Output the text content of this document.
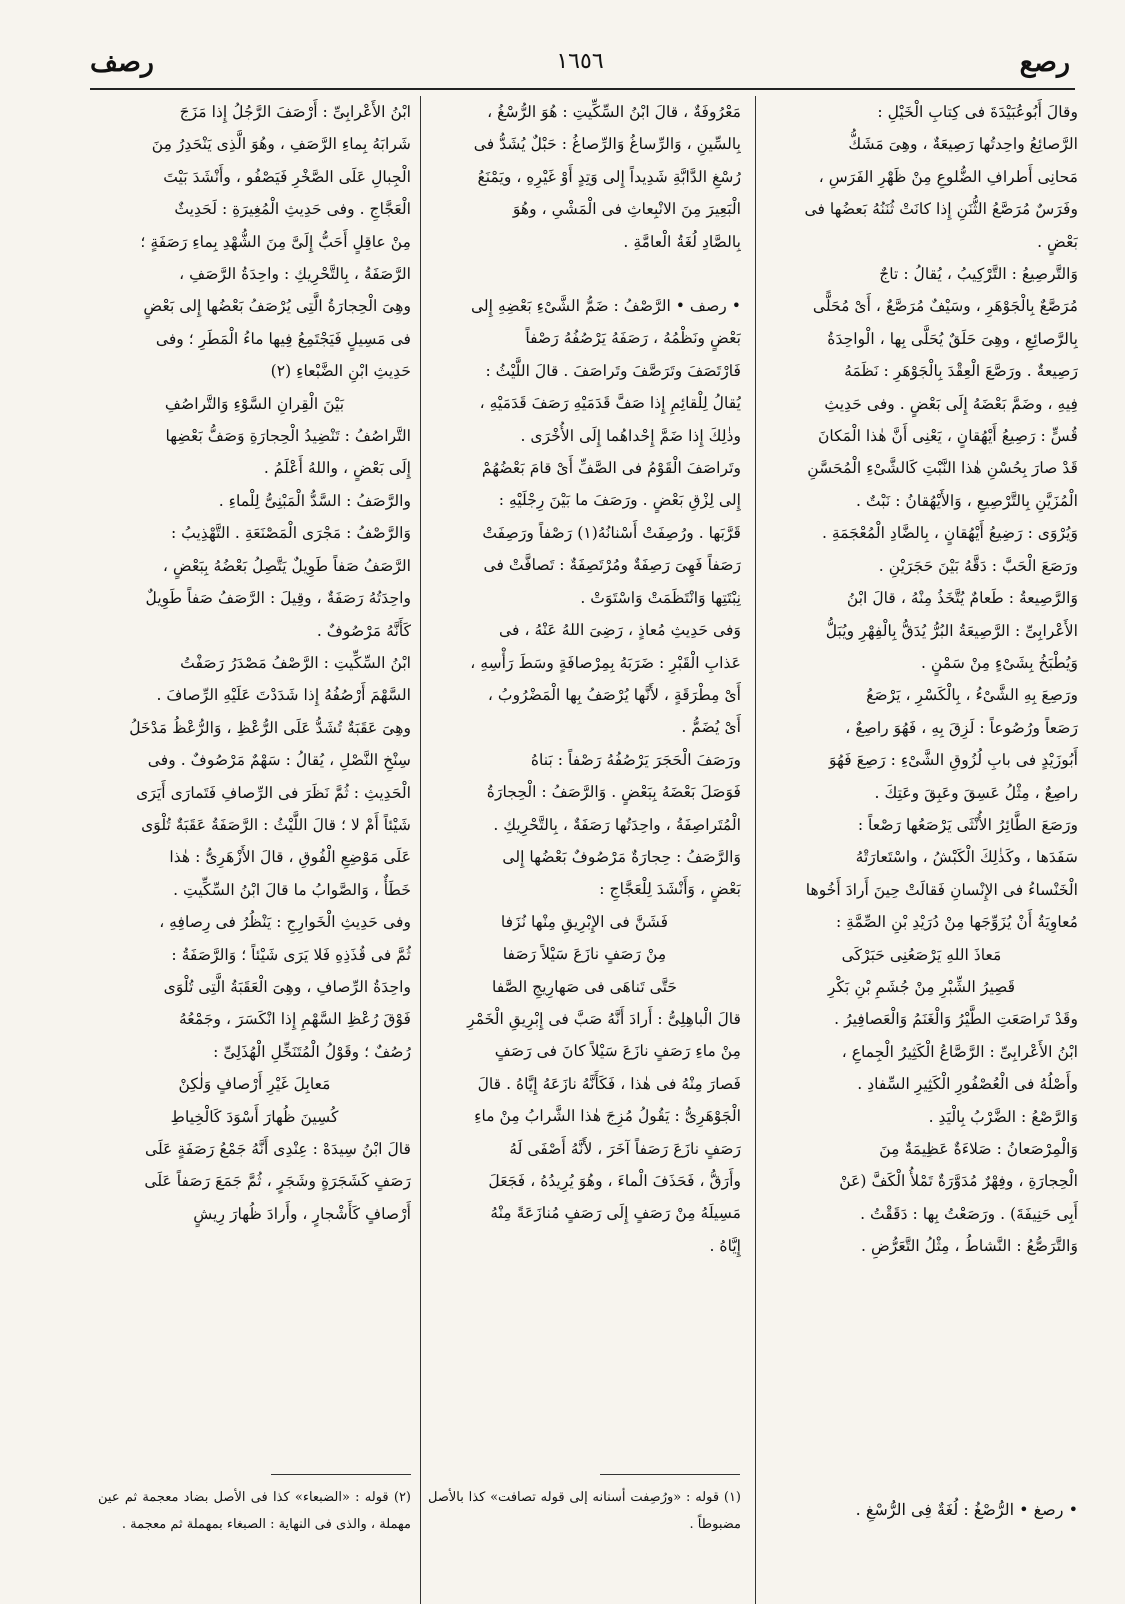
رصع
١٦٥٦
رصف

وقالَ أَبُوعُبَيْدَةَ فى كِتابِ الْخَيْلِ :

الرَّصائِعُ واحِدتُها رَصِيعَةٌ ، وهِىَ مَشَكُّ

مَحانِى أَطرافِ الضُّلوعِ مِنْ ظَهْرِ الفَرَسِ ،

وفَرَسٌ مُرَصَّعُ الثُّنَنِ إِذا كانَتْ ثُنَنُهُ بَعضُها فى

بَعْضٍ .

وَالتَّرصِيعُ : التَّرْكِيبُ ، يُقالُ : تاجٌ

مُرَصَّعٌ بِالْجَوْهَرِ ، وسَيْفٌ مُرَصَّعٌ ، أَىْ مُحَلًّى

بِالرَّصائِعِ ، وهِىَ حَلَقٌ يُحَلَّى بِها ، الْواحِدَةُ

رَصِيعةٌ . ورَصَّعَ الْعِقْدَ بِالْجَوْهَرِ : نَظَمَهُ

فِيهِ ، وضَمَّ بَعْضَهُ إِلَى بَعْضٍ . وفى حَدِيثِ

قُسٍّ : رَصِيعُ أَيْهُقانٍ ، يَعْنِى أَنَّ هٰذا الْمَكانَ

قَدْ صارَ بِحُسْنِ هٰذا النَّبْتِ كَالشَّىْءِ الْمُحَسَّنِ

الْمُزَيَّنِ بِالتَّرْصِيعِ ، وَالأَيْهُقانُ : نَبْتٌ .

وَيُرْوَى : رَضِيعُ أَيْهُقانٍ ، بِالضَّادِ الْمُعْجَمَةِ .

ورَصَعَ الْحَبَّ : دَقَّهُ بَيْنَ حَجَرَيْنِ .

وَالرَّصِيعةُ : طَعامٌ يُتَّخَذُ مِنْهُ ، قالَ ابْنُ

الأَعْرابِىِّ : الرَّصِيعَةُ البُرُّ يُدَقُّ بِالْفِهْرِ ويُبَلُّ

وَيُطْبَخُ بِشَىْءٍ مِنْ سَمْنٍ .

ورَصِعَ بِهِ الشَّىْءُ ، بِالْكَسْرِ ، يَرْصَعُ

رَصَعاً ورُصُوعاً : لَزِقَ بِهِ ، فَهُوَ راصِعٌ ،

أَبُوزَيْدٍ فى بابِ لُزُوقِ الشَّىْءِ : رَصِعَ فَهُوَ

راصِعٌ ، مِثْلُ عَسِقَ وعَبِقَ وعَتِكَ .

ورَصَعَ الطَّائِرُ الأُنْثَى يَرْصَعُها رَصْعاً :

سَفَدَها ، وكَذٰلِكَ الْكَبْشُ ، واسْتَعارَتْهُ

الْخَنْساءُ فى الإِنْسانِ فَقالَتْ حِينَ أَرادَ أَخُوها

مُعاوِيَةُ أَنْ يُزَوِّجَها مِنْ دُرَيْدِ بْنِ الصِّمَّةِ :

مَعاذَ اللهِ يَرْصَعُنِى حَبَرْكَى

قَصِيرُ الشِّبْرِ مِنْ جُشَمِ بْنِ بَكْرِ

وقَدْ تَراصَعَتِ الطَّيْرُ وَالْغَنَمُ وَالْعَصافِيرُ .

ابْنُ الأَعْرابِىِّ : الرَّصَّاعُ الْكَثِيرُ الْجِماعِ ،

وأَصْلُهُ فى الْعُصْفُورِ الْكَثِيرِ السِّفادِ .

وَالرَّصْعُ : الضَّرْبُ بِالْيَدِ .

وَالْمِرْصَعانُ : صَلاءَةٌ عَظِيمَةٌ مِنَ

الْحِجارَةِ ، وفِهْرٌ مُدَوَّرَةٌ تَمْلأُ الْكَفَّ (عَنْ

أَبِى حَنِيفَةَ) . ورَصَعْتُ بِها : دَقَقْتُ .

وَالتَّرَصُّعُ : النَّشاطُ ، مِثْلُ التَّعَرُّضِ .

مَعْرُوفَةٌ ، قالَ ابْنُ السِّكِّيتِ : هُوَ الرُّسْغُ ،

بِالسِّينِ ، وَالرِّساغُ وَالرِّصاغُ : حَبْلٌ يُشَدُّ فى

رُسْغِ الدَّابَّةِ شَدِيداً إِلى وَتِدٍ أَوْ غَيْرِهِ ، ويَمْنَعُ

الْبَعِيرَ مِنَ الانْبِعاثِ فى الْمَشْىِ ، وهُوَ

بِالصَّادِ لُغَةُ الْعامَّةِ .

• رصف • الرَّصْفُ : ضَمُّ الشَّىْءِ بَعْضِهِ إِلى

بَعْضٍ ونَظْمُهُ ، رَصَفَهُ يَرْصُفُهُ رَصْفاً

فَارْتَصَفَ وتَرَصَّفَ وتَراصَفَ . قالَ اللَّيْثُ :

يُقالُ لِلْقائِمِ إِذا صَفَّ قَدَمَيْهِ رَصَفَ قَدَمَيْهِ ،

وذٰلِكَ إِذا ضَمَّ إِحْداهُما إِلَى الأُخْرَى .

وتَراصَفَ الْقَوْمُ فى الصَّفِّ أَىْ قامَ بَعْضُهُمْ

إِلى لِزْقِ بَعْضٍ . ورَصَفَ ما بَيْنَ رِجْلَيْهِ :

قَرَّبَها . ورُصِفَتْ أَسْنانُهُ(١) رَصْفاً ورَصِفَتْ

رَصَفاً فَهِىَ رَصِفَةٌ ومُرْتَصِفَةٌ : تَصافَّتْ فى

نِبْتَتِها وَانْتَظَمَتْ وَاسْتَوَتْ .

وَفى حَدِيثِ مُعاذٍ ، رَضِىَ اللهُ عَنْهُ ، فى

عَذابِ الْقَبْرِ : ضَرَبَهُ بِمِرْصافَةٍ وسَطَ رَأْسِهِ ،

أَىْ مِطْرَقَةٍ ، لأَنَّها يُرْصَفُ بِها الْمَضْرُوبُ ،

أَىْ يُضَمُّ .

ورَصَفَ الْحَجَرَ يَرْصُفُهُ رَصْفاً : بَناهُ

فَوَصَلَ بَعْضَهُ بِبَعْضٍ . وَالرَّصَفُ : الْحِجارَةُ

الْمُتَراصِفَةُ ، واحِدَتُها رَصَفَةٌ ، بِالتَّحْرِيكِ .

وَالرَّصَفُ : حِجارَةٌ مَرْصُوفٌ بَعْضُها إِلى

بَعْضٍ ، وَأَنْشَدَ لِلْعَجَّاجِ :

فَشَنَّ فى الإِبْرِيقِ مِنْها نُزَفا

مِنْ رَصَفٍ نازَعَ سَيْلاً رَصَفا

حَتَّى تَناهَى فى صَهارِيجِ الصَّفا

قالَ الْباهِلِىُّ : أَرادَ أَنَّهُ صَبَّ فى إِبْرِيقِ الْخَمْرِ

مِنْ ماءِ رَصَفٍ نازَعَ سَيْلاً كانَ فى رَصَفٍ

فَصارَ مِنْهُ فى هٰذا ، فَكَأَنَّهُ نازَعَهُ إِيَّاهُ . قالَ

الْجَوْهَرِىُّ : يَقُولُ مُزِجَ هٰذا الشَّرابُ مِنْ ماءِ

رَصَفٍ نازَعَ رَصَفاً آخَرَ ، لأَنَّهُ أَصْفَى لَهُ

وأَرَقُّ ، فَحَذَفَ الْماءَ ، وهُوَ يُرِيدُهُ ، فَجَعَلَ

مَسِيلَهُ مِنْ رَصَفٍ إِلَى رَصَفٍ مُنازَعَةً مِنْهُ

إِيَّاهُ .

ابْنُ الأَعْرابِىِّ : أَرْصَفَ الرَّجُلُ إِذا مَزَجَ

شَرابَهُ بِماءِ الرَّصَفِ ، وهُوَ الَّذِى يَنْحَدِرُ مِنَ

الْجِبالِ عَلَى الصَّخْرِ فَيَصْفُو ، وأَنْشَدَ بَيْتَ

الْعَجَّاجِ . وفى حَدِيثِ الْمُغِيرَةِ : لَحَدِيثٌ

مِنْ عاقِلٍ أَحَبُّ إِلَىَّ مِنَ الشُّهْدِ بِماءِ رَصَفَةٍ ؛

الرَّصَفَةُ ، بِالتَّحْرِيكِ : واحِدَةُ الرَّصَفِ ،

وهِىَ الْحِجارَةُ الَّتِى يُرْصَفُ بَعْضُها إِلى بَعْضٍ

فى مَسِيلٍ فَيَجْتَمِعُ فِيها ماءُ الْمَطَرِ ؛ وفى

حَدِيثِ ابْنِ الضَّبْعاءِ (٢)

بَيْنَ الْقِرانِ السَّوْءِ وَالتَّراصُفِ

التَّراصُفُ : تَنْضِيدُ الْحِجارَةِ وَصَفُّ بَعْضِها

إِلَى بَعْضٍ ، واللهُ أَعْلَمُ .

والرَّصَفُ : السَّدُّ الْمَبْنِىُّ لِلْماءِ .

وَالرَّصْفُ : مَجْرَى الْمَصْنَعَةِ . التَّهْذِيبُ :

الرَّصَفُ صَفاً طَوِيلٌ يَتَّصِلُ بَعْضُهُ بِبَعْضٍ ،

واحِدَتُهُ رَصَفَةٌ ، وقِيلَ : الرَّصَفُ صَفاً طَوِيلٌ

كَأَنَّهُ مَرْصُوفٌ .

ابْنُ السِّكِّيتِ : الرَّصْفُ مَصْدَرُ رَصَفْتُ

السَّهْمَ أَرْصُفُهُ إِذا شَدَدْتَ عَلَيْهِ الرِّصافَ .

وهِىَ عَقَبَةٌ تُشَدُّ عَلَى الرُّعْظِ ، وَالرُّعْظُ مَدْخَلُ

سِنْخِ النَّصْلِ ، يُقالُ : سَهْمٌ مَرْصُوفٌ . وفى

الْحَدِيثِ : ثُمَّ نَظَرَ فى الرِّصافِ فَتَمارَى أَيَرَى

شَيْئاً أَمْ لا ؛ قالَ اللَّيْثُ : الرَّصَفَةُ عَقَبَةٌ تُلْوَى

عَلَى مَوْضِعِ الْفُوقِ ، قالَ الأَزْهَرِىُّ : هٰذا

خَطَأٌ ، وَالصَّوابُ ما قالَ ابْنُ السِّكِّيتِ .

وفى حَدِيثِ الْخَوارِجِ : يَنْظُرُ فى رِصافِهِ ،

ثُمَّ فى قُذَذِهِ فَلا يَرَى شَيْئاً ؛ وَالرَّصَفَةُ :

واحِدَةُ الرِّصافِ ، وهِىَ الْعَقَبَةُ الَّتِى تُلْوَى

فَوْقَ رُعْظِ السَّهْمِ إِذا انْكَسَرَ ، وجَمْعُهُ

رُصُفٌ ؛ وقَوْلُ الْمُتَنَخِّلِ الْهُذَلِىِّ :

مَعابِلَ غَيْرِ أَرْصافٍ وَلٰكِنْ

كُسِينَ ظُهارَ أَسْوَدَ كَالْخِياطِ

قالَ ابْنُ سِيدَهْ : عِنْدِى أَنَّهُ جَمْعُ رَصَفَةٍ عَلَى

رَصَفٍ كَشَجَرَةٍ وشَجَرٍ ، ثُمَّ جَمَعَ رَصَفاً عَلَى

أَرْصافٍ كَأَشْجارٍ ، وأَرادَ ظُهارَ رِيشٍ

• رصغ • الرُّصْغُ : لُغَةٌ فِى الرُّسْغِ .
(١) قوله : «ورُصِفت أسنانه إلى قوله تصافت» كذا بالأصل مضبوطاً .
(٢) قوله : «الضبعاء» كذا فى الأصل بضاد معجمة ثم عين مهملة ، والذى فى النهاية : الصبغاء بمهملة ثم معجمة .
